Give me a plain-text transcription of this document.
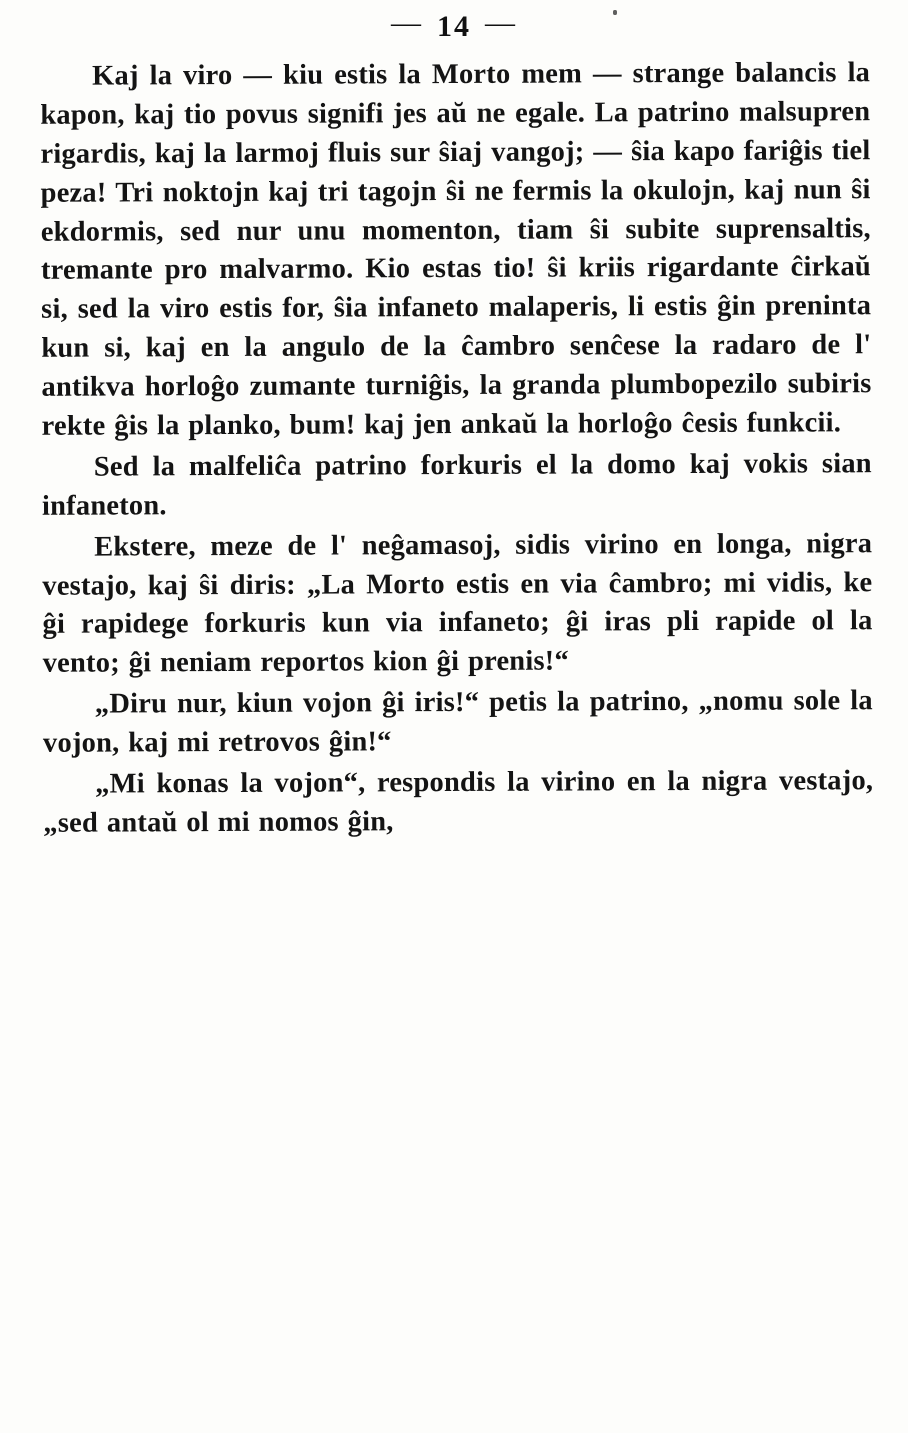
— 14 —

Kaj la viro — kiu estis la Morto mem — strange balancis la kapon, kaj tio povus signifi jes aŭ ne egale. La patrino malsupren rigardis, kaj la larmoj fluis sur ŝiaj vangoj; — ŝia kapo fariĝis tiel peza! Tri noktojn kaj tri tagojn ŝi ne fermis la okulojn, kaj nun ŝi ekdormis, sed nur unu momenton, tiam ŝi subite suprensaltis, tremante pro malvarmo. Kio estas tio! ŝi kriis rigardante ĉirkaŭ si, sed la viro estis for, ŝia infaneto malaperis, li estis ĝin preninta kun si, kaj en la angulo de la ĉambro senĉese la radaro de l' antikva horloĝo zumante turniĝis, la granda plumbopezilo subiris rekte ĝis la planko, bum! kaj jen ankaŭ la horloĝo ĉesis funkcii.

Sed la malfeliĉa patrino forkuris el la domo kaj vokis sian infaneton.

Ekstere, meze de l' neĝamasoj, sidis virino en longa, nigra vestajo, kaj ŝi diris: „La Morto estis en via ĉambro; mi vidis, ke ĝi rapidege forkuris kun via infaneto; ĝi iras pli rapide ol la vento; ĝi neniam reportos kion ĝi prenis!“

„Diru nur, kiun vojon ĝi iris!“ petis la patrino, „nomu sole la vojon, kaj mi retrovos ĝin!“

„Mi konas la vojon“, respondis la virino en la nigra vestajo, „sed antaŭ ol mi nomos ĝin,
